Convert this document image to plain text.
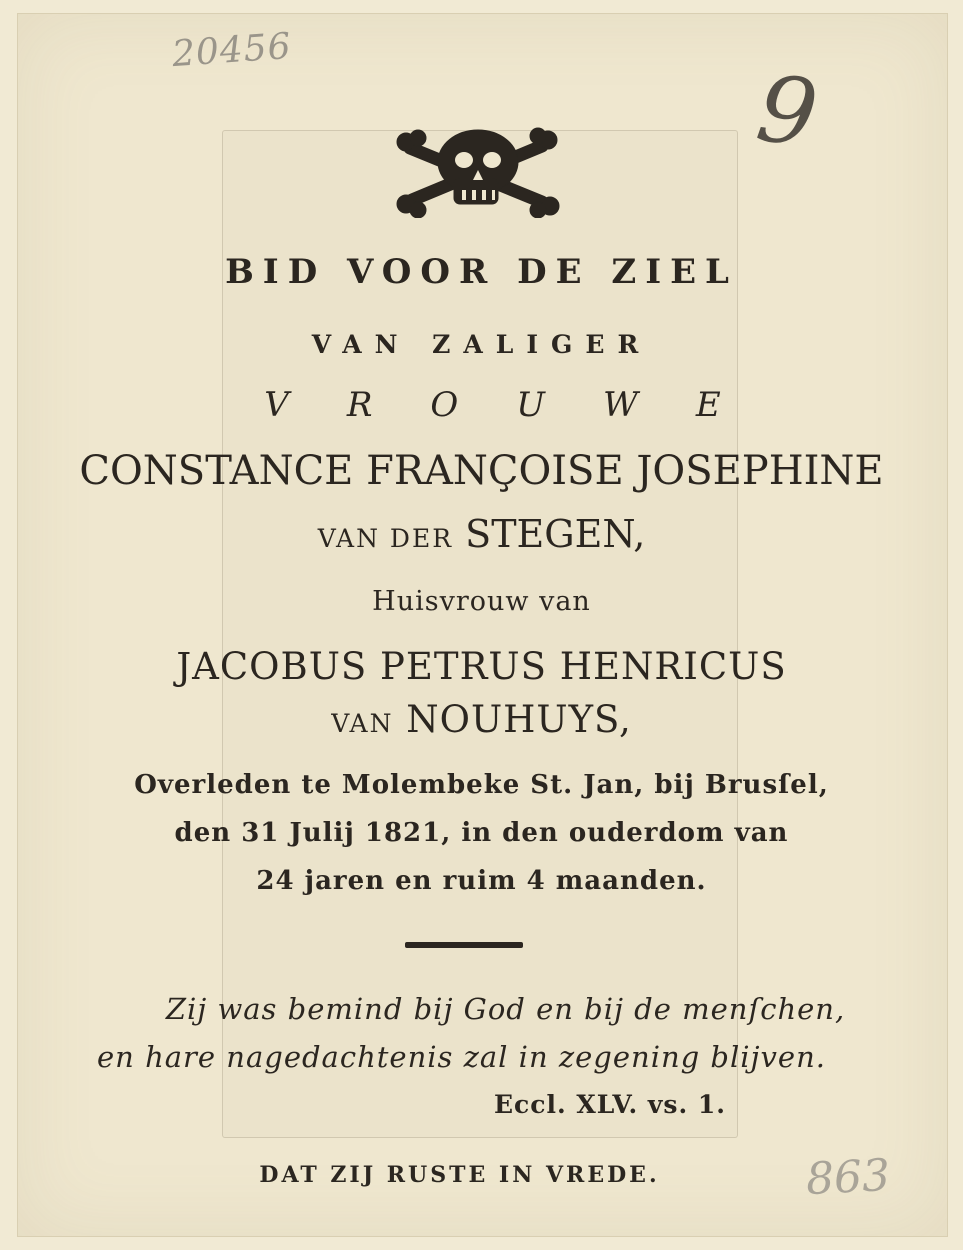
20456
9
863
BID VOOR DE ZIEL
VAN ZALIGER
VROUWE
CONSTANCE FRANÇOISE JOSEPHINE
VAN DER STEGEN,
Huisvrouw van
JACOBUS PETRUS HENRICUS
VAN NOUHUYS,
Overleden te Molembeke St. Jan, bij Brusſel,
den 31 Julij 1821, in den ouderdom van
24 jaren en ruim 4 maanden.
Zij was bemind bij God en bij de menſchen,
en hare nagedachtenis zal in zegening blijven.
Eccl. XLV. vs. 1.
DAT ZIJ RUSTE IN VREDE.
